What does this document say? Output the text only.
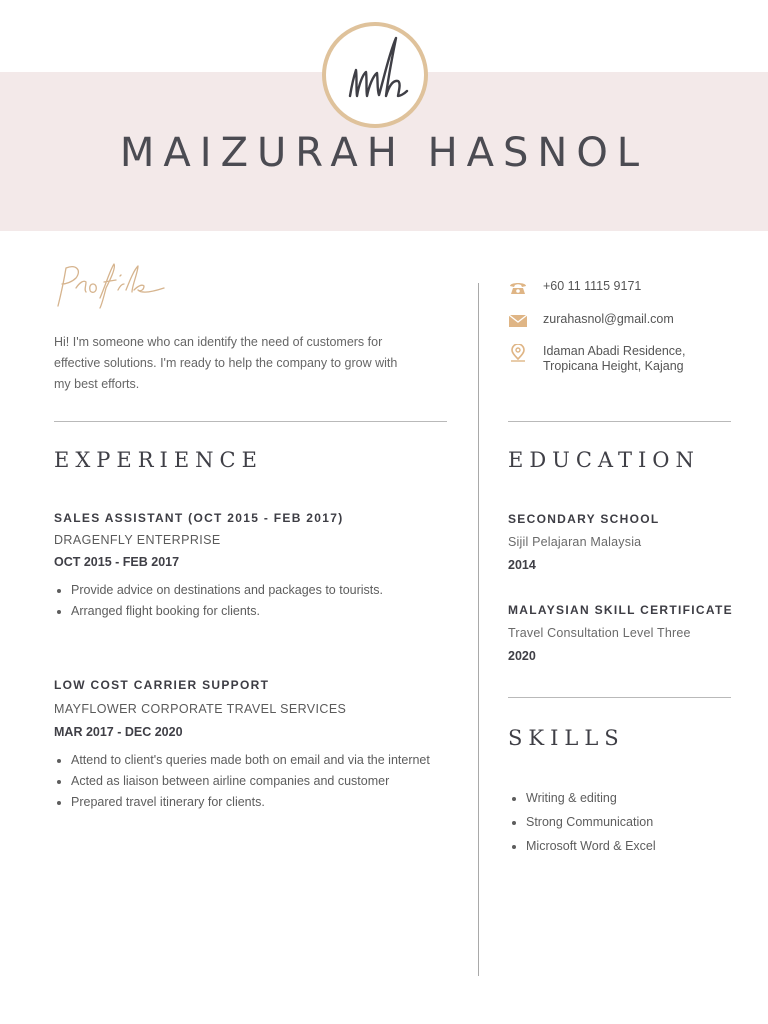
MAIZURAH HASNOL

Hi! I'm someone who can identify the need of customers for effective solutions. I'm ready to help the company to grow with my best efforts.

+60 11 1115 9171

zurahasnol@gmail.com

Idaman Abadi Residence,

Tropicana Height, Kajang

EXPERIENCE

SALES ASSISTANT (OCT 2015 - FEB 2017)

DRAGENFLY ENTERPRISE

OCT 2015 - FEB 2017

• Provide advice on destinations and packages to tourists.
• Arranged flight booking for clients.

LOW COST CARRIER SUPPORT

MAYFLOWER CORPORATE TRAVEL SERVICES

MAR 2017 - DEC 2020

• Attend to client's queries made both on email and via the internet
• Acted as liaison between airline companies and customer
• Prepared travel itinerary for clients.
EDUCATION

SECONDARY SCHOOL

Sijil Pelajaran Malaysia

2014

MALAYSIAN SKILL CERTIFICATE

Travel Consultation Level Three

2020

SKILLS
• Writing & editing
• Strong Communication
• Microsoft Word & Excel
